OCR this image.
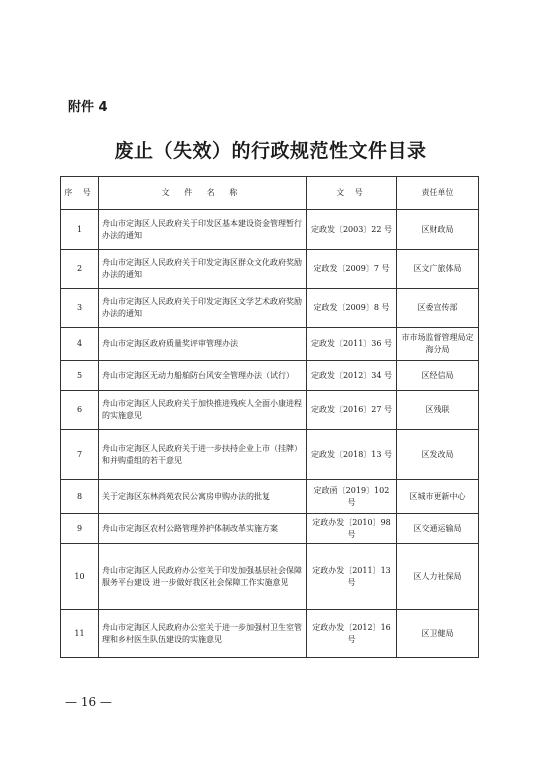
附件 4
废止（失效）的行政规范性文件目录
序 号	文 件 名 称	文 号	责任单位
1	舟山市定海区人民政府关于印发区基本建设资金管理暂行办法的通知	定政发〔2003〕22 号	区财政局
2	舟山市定海区人民政府关于印发定海区群众文化政府奖励办法的通知	定政发〔2009〕7 号	区文广旅体局
3	舟山市定海区人民政府关于印发定海区文学艺术政府奖励办法的通知	定政发〔2009〕8 号	区委宣传部
4	舟山市定海区政府质量奖评审管理办法	定政发〔2011〕36 号	市市场监督管理局定海分局
5	舟山市定海区无动力船舶防台风安全管理办法（试行）	定政发〔2012〕34 号	区经信局
6	舟山市定海区人民政府关于加快推进残疾人全面小康进程的实施意见	定政发〔2016〕27 号	区残联
7	舟山市定海区人民政府关于进一步扶持企业上市（挂牌）和并购重组的若干意见	定政发〔2018〕13 号	区发改局
8	关于定海区东林尚苑农民公寓房申购办法的批复	定政函〔2019〕102 号	区城市更新中心
9	舟山市定海区农村公路管理养护体制改革实施方案	定政办发〔2010〕98 号	区交通运输局
10	舟山市定海区人民政府办公室关于印发加强基层社会保障服务平台建设 进一步做好我区社会保障工作实施意见	定政办发〔2011〕13 号	区人力社保局
11	舟山市定海区人民政府办公室关于进一步加强村卫生室管理和乡村医生队伍建设的实施意见	定政办发〔2012〕16 号	区卫健局
— 16 —
